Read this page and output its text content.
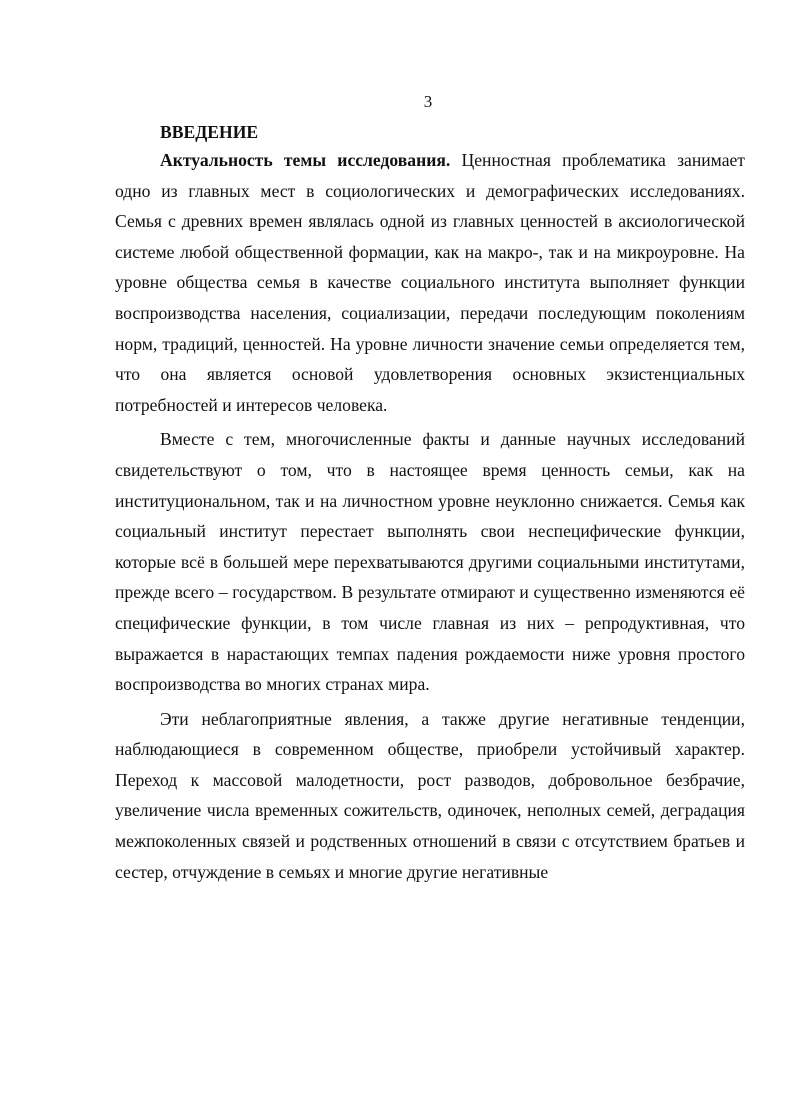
3
ВВЕДЕНИЕ

Актуальность темы исследования. Ценностная проблематика занимает одно из главных мест в социологических и демографических исследованиях. Семья с древних времен являлась одной из главных ценностей в аксиологической системе любой общественной формации, как на макро-, так и на микроуровне. На уровне общества семья в качестве социального института выполняет функции воспроизводства населения, социализации, передачи последующим поколениям норм, традиций, ценностей. На уровне личности значение семьи определяется тем, что она является основой удовлетворения основных экзистенциальных потребностей и интересов человека.

Вместе с тем, многочисленные факты и данные научных исследований свидетельствуют о том, что в настоящее время ценность семьи, как на институциональном, так и на личностном уровне неуклонно снижается. Семья как социальный институт перестает выполнять свои неспецифические функции, которые всё в большей мере перехватываются другими социальными институтами, прежде всего – государством. В результате отмирают и существенно изменяются её специфические функции, в том числе главная из них – репродуктивная, что выражается в нарастающих темпах падения рождаемости ниже уровня простого воспроизводства во многих странах мира.

Эти неблагоприятные явления, а также другие негативные тенденции, наблюдающиеся в современном обществе, приобрели устойчивый характер. Переход к массовой малодетности, рост разводов, добровольное безбрачие, увеличение числа временных сожительств, одиночек, неполных семей, деградация межпоколенных связей и родственных отношений в связи с отсутствием братьев и сестер, отчуждение в семьях и многие другие негативные
